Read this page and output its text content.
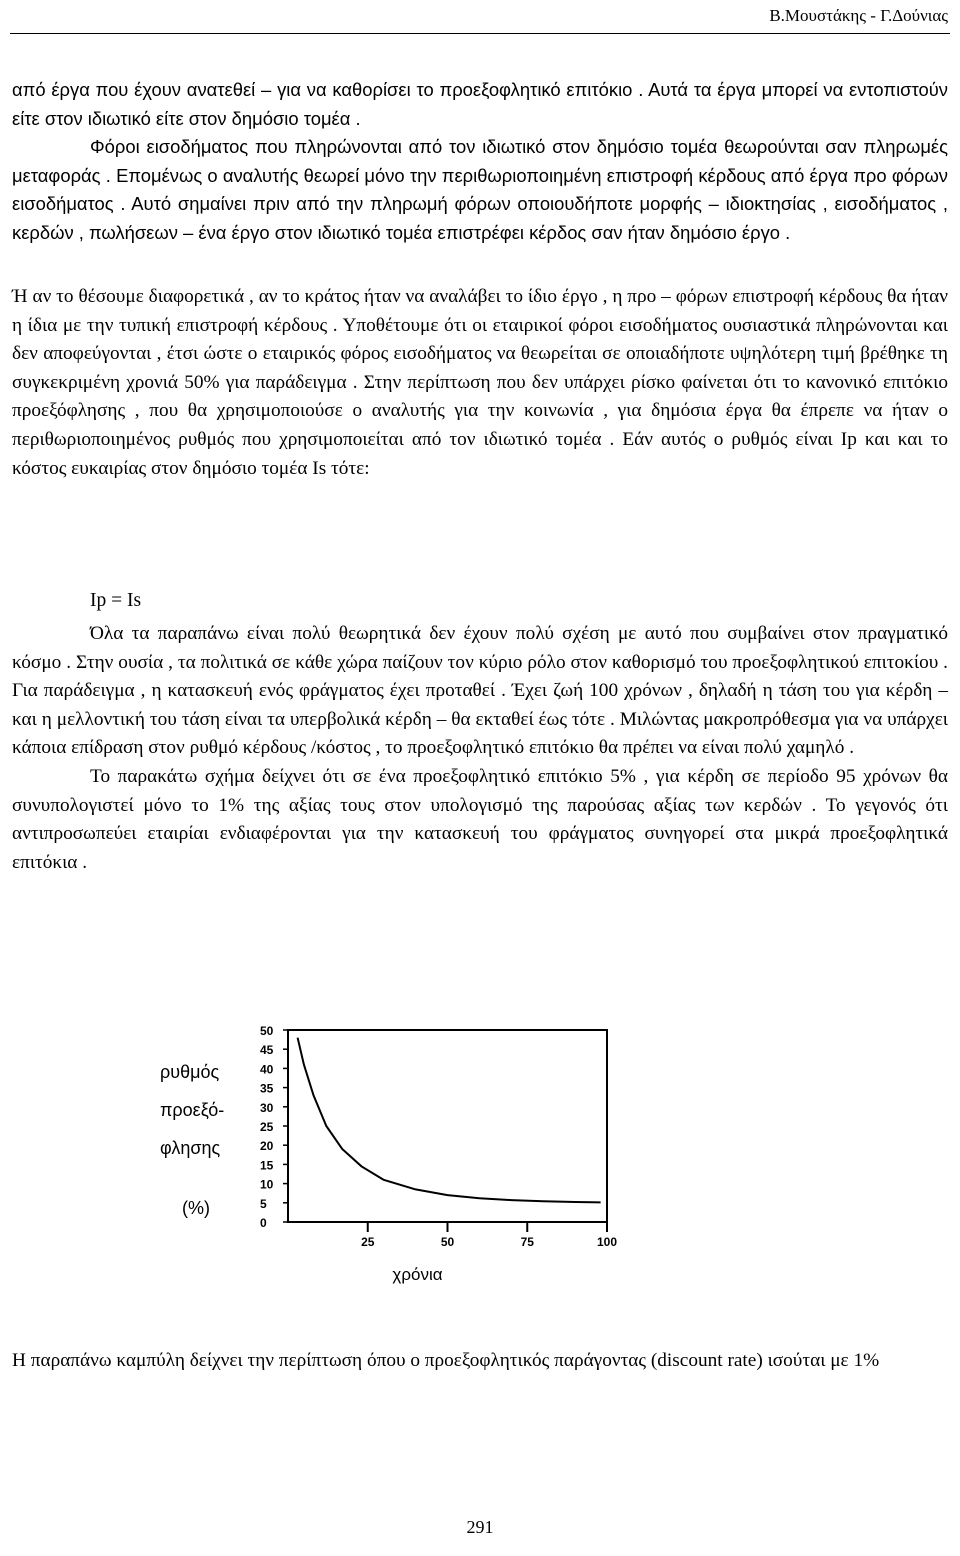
Β.Μουστάκης - Γ.Δούνιας

από έργα που έχουν ανατεθεί – για να καθορίσει το προεξοφλητικό επιτόκιο . Αυτά τα έργα μπορεί να εντοπιστούν είτε στον ιδιωτικό είτε στον δημόσιο τομέα .

Φόροι εισοδήματος που πληρώνονται από τον ιδιωτικό στον δημόσιο τομέα θεωρούνται σαν πληρωμές μεταφοράς . Επομένως ο αναλυτής θεωρεί μόνο την περιθωριοποιημένη επιστροφή κέρδους από έργα προ φόρων εισοδήματος . Αυτό σημαίνει πριν από την πληρωμή φόρων οποιουδήποτε μορφής – ιδιοκτησίας , εισοδήματος , κερδών , πωλήσεων – ένα έργο στον ιδιωτικό τομέα επιστρέφει κέρδος σαν ήταν δημόσιο έργο .

Ή αν το θέσουμε διαφορετικά , αν το κράτος ήταν να αναλάβει το ίδιο έργο , η προ – φόρων επιστροφή κέρδους θα ήταν η ίδια με την τυπική επιστροφή κέρδους . Υποθέτουμε ότι οι εταιρικοί φόροι εισοδήματος ουσιαστικά πληρώνονται και δεν αποφεύγονται , έτσι ώστε ο εταιρικός φόρος εισοδήματος να θεωρείται σε οποιαδήποτε υψηλότερη τιμή βρέθηκε τη συγκεκριμένη χρονιά 50% για παράδειγμα . Στην περίπτωση που δεν υπάρχει ρίσκο φαίνεται ότι το κανονικό επιτόκιο προεξόφλησης , που θα χρησιμοποιούσε ο αναλυτής για την κοινωνία , για δημόσια έργα θα έπρεπε να ήταν ο περιθωριοποιημένος ρυθμός που χρησιμοποιείται από τον ιδιωτικό τομέα . Εάν αυτός ο ρυθμός είναι Ip και και το κόστος ευκαιρίας στον δημόσιο τομέα Is τότε:

Ip = Is

Όλα τα παραπάνω είναι πολύ θεωρητικά δεν έχουν πολύ σχέση με αυτό που συμβαίνει στον πραγματικό κόσμο . Στην ουσία , τα πολιτικά σε κάθε χώρα παίζουν τον κύριο ρόλο στον καθορισμό του προεξοφλητικού επιτοκίου . Για παράδειγμα , η κατασκευή ενός φράγματος έχει προταθεί . Έχει ζωή 100 χρόνων , δηλαδή η τάση του για κέρδη – και η μελλοντική του τάση είναι τα υπερβολικά κέρδη – θα εκταθεί έως τότε . Μιλώντας μακροπρόθεσμα για να υπάρχει κάποια επίδραση στον ρυθμό κέρδους /κόστος , το προεξοφλητικό επιτόκιο θα πρέπει να είναι πολύ χαμηλό .

Το παρακάτω σχήμα δείχνει ότι σε ένα προεξοφλητικό επιτόκιο 5% , για κέρδη σε περίοδο 95 χρόνων θα συνυπολογιστεί μόνο το 1% της αξίας τους στον υπολογισμό της παρούσας αξίας των κερδών . Το γεγονός ότι αντιπροσωπεύει εταιρίαι ενδιαφέρονται για την κατασκευή του φράγματος συνηγορεί στα μικρά προεξοφλητικά επιτόκια .

ρυθμός
προεξό-
φλησης
(%)
50
45
40
35
30
25
20
15
10
5
0
25	50	75	100
χρόνια
Η παραπάνω καμπύλη δείχνει την περίπτωση όπου ο προεξοφλητικός παράγοντας (discount rate) ισούται με 1%
291
